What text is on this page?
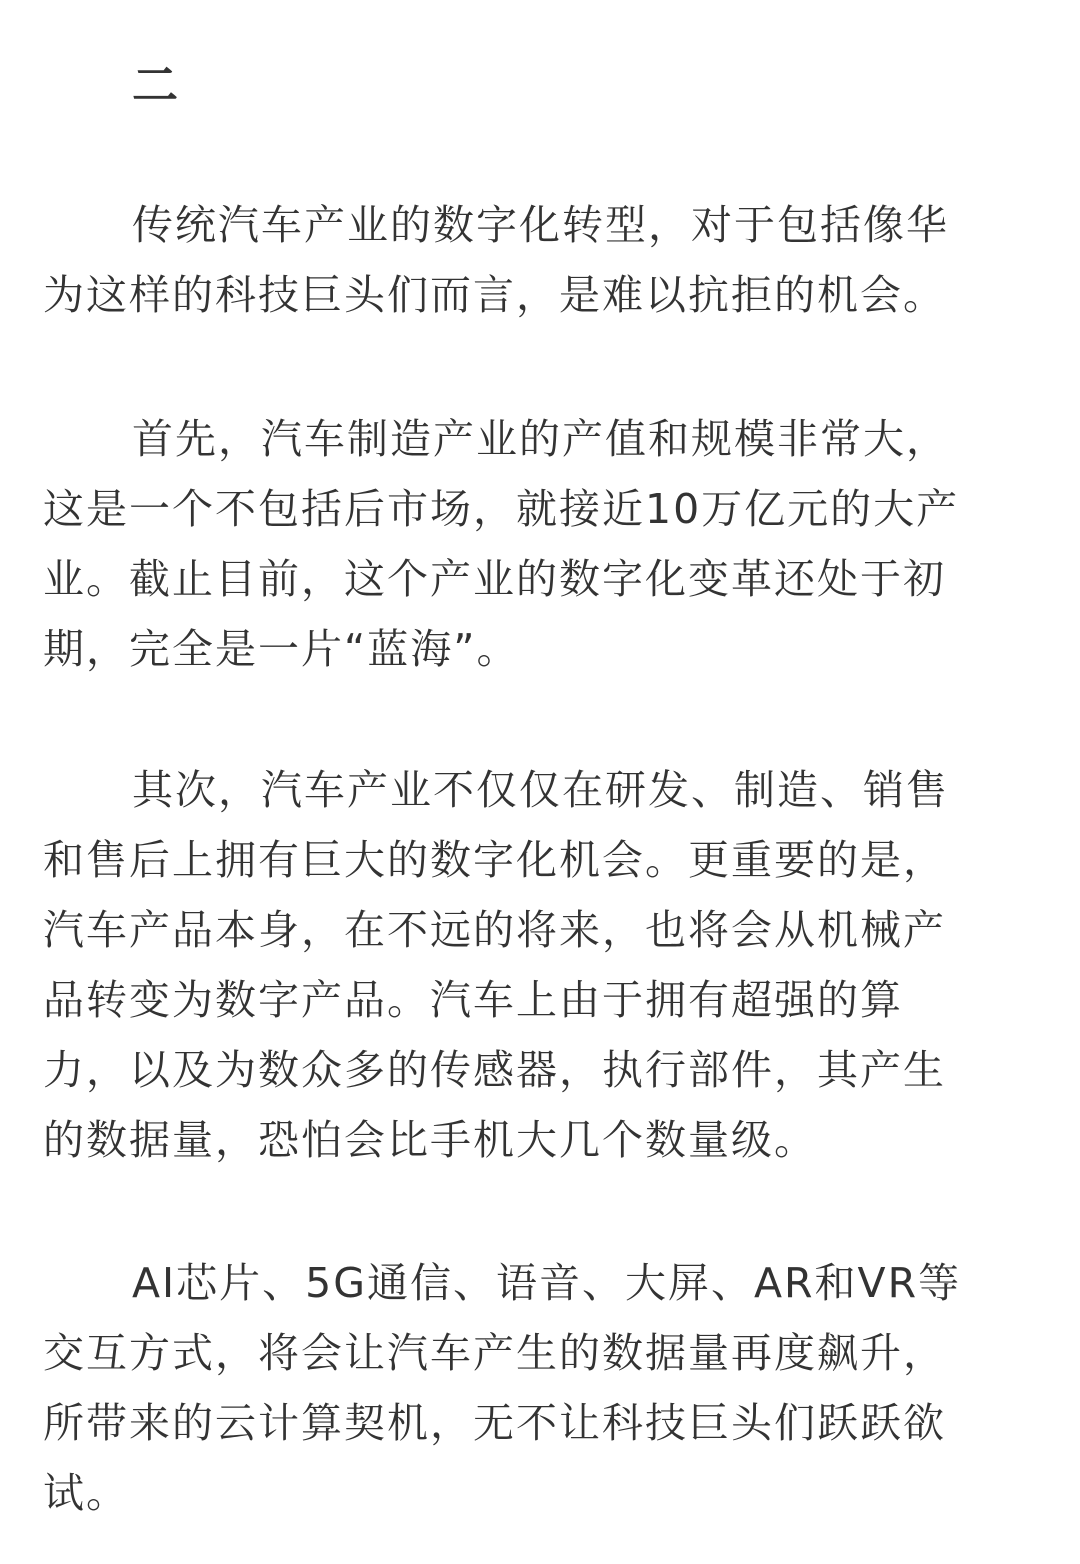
二

传统汽车产业的数字化转型，对于包括像华
为这样的科技巨头们而言，是难以抗拒的机会。

首先，汽车制造产业的产值和规模非常大，
这是一个不包括后市场，就接近10万亿元的大产
业。截止目前，这个产业的数字化变革还处于初
期，完全是一片“蓝海”。

其次，汽车产业不仅仅在研发、制造、销售
和售后上拥有巨大的数字化机会。更重要的是，
汽车产品本身，在不远的将来，也将会从机械产
品转变为数字产品。汽车上由于拥有超强的算
力，以及为数众多的传感器，执行部件，其产生
的数据量，恐怕会比手机大几个数量级。

AI芯片、5G通信、语音、大屏、AR和VR等
交互方式，将会让汽车产生的数据量再度飙升，
所带来的云计算契机，无不让科技巨头们跃跃欲
试。
